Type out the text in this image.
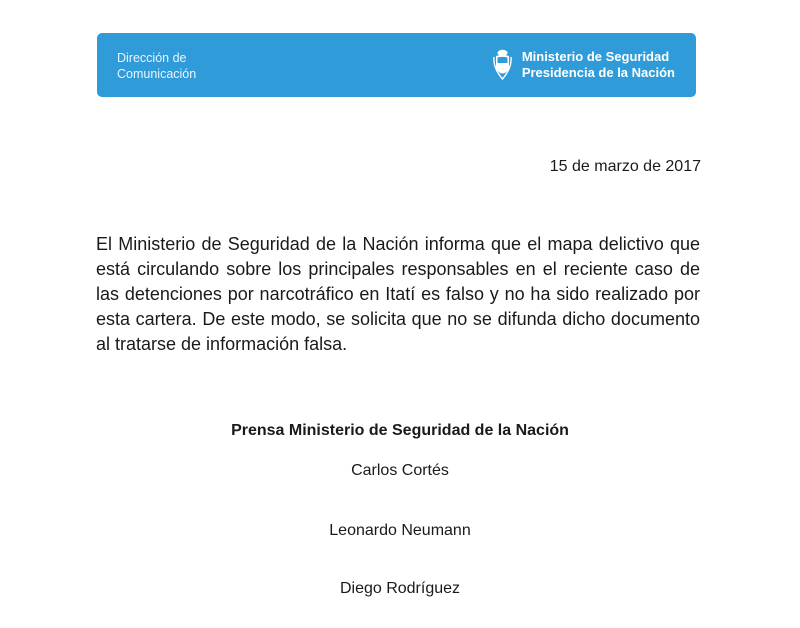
Dirección de
Comunicación
Ministerio de Seguridad
Presidencia de la Nación
15 de marzo de 2017

El Ministerio de Seguridad de la Nación informa que el mapa delictivo que está circulando sobre los principales responsables en el reciente caso de las detenciones por narcotráfico en Itatí es falso y no ha sido realizado por esta cartera. De este modo, se solicita que no se difunda dicho documento al tratarse de información falsa.

Prensa Ministerio de Seguridad de la Nación
Carlos Cortés
Leonardo Neumann
Diego Rodríguez
